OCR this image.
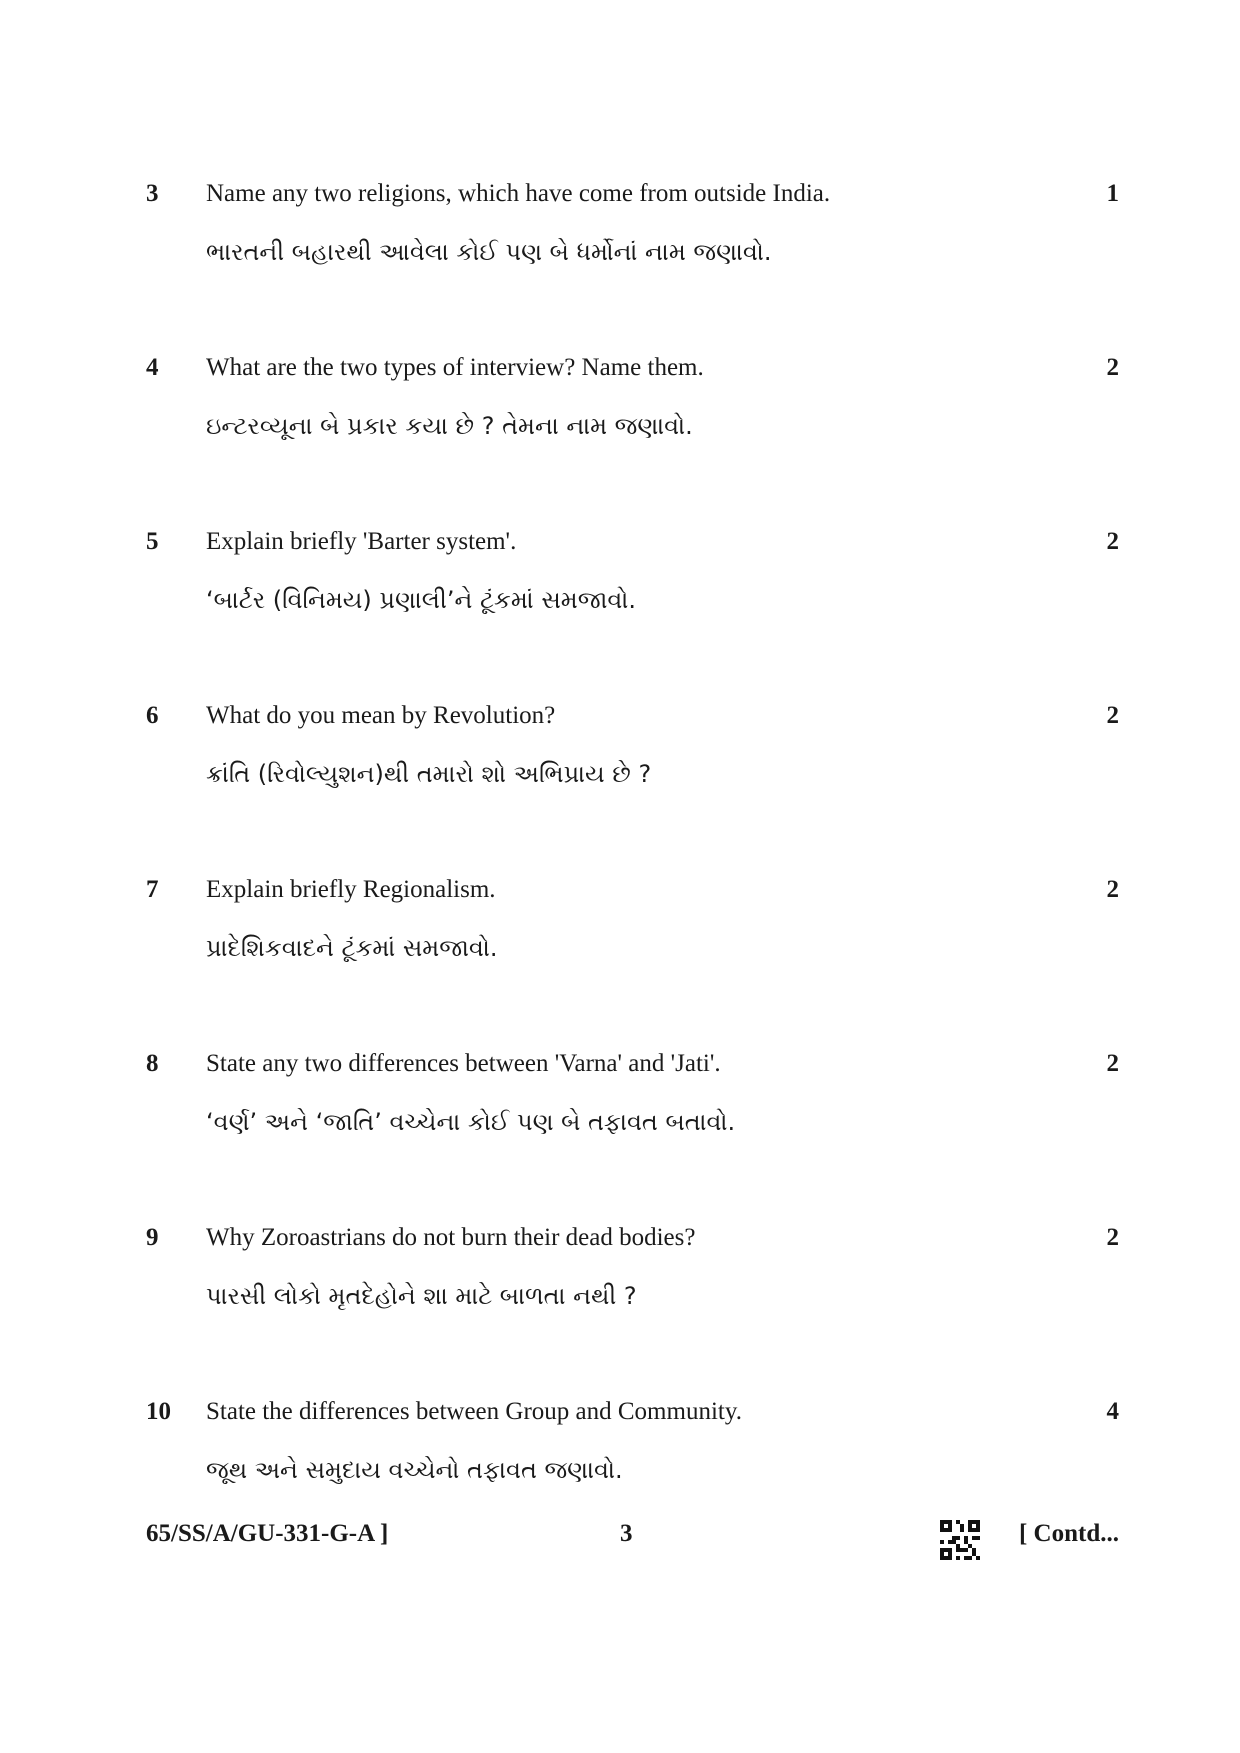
3 Name any two religions, which have come from outside India.
ભારતની બહારથી આવેલા કોઈ પણ બે ધર્મોનાં નામ જણાવો.
1
4 What are the two types of interview? Name them.
ઇન્ટરવ્યૂના બે પ્રકાર કયા છે ? તેમના નામ જણાવો.
2
5 Explain briefly 'Barter system'.
‘બાર્ટર (વિનિમય) પ્રણાલી’ને ટૂંકમાં સમજાવો.
2
6 What do you mean by Revolution?
ક્રાંતિ (રિવોલ્યુશન)થી તમારો શો અભિપ્રાય છે ?
2
7 Explain briefly Regionalism.
પ્રાદેશિકવાદને ટૂંકમાં સમજાવો.
2
8 State any two differences between 'Varna' and 'Jati'.
‘વર્ણ’ અને ‘જાતિ’ વચ્ચેના કોઈ પણ બે તફાવત બતાવો.
2
9 Why Zoroastrians do not burn their dead bodies?
પારસી લોકો મૃતદેહોને શા માટે બાળતા નથી ?
2
10 State the differences between Group and Community.
જૂથ અને સમુદાય વચ્ચેનો તફાવત જણાવો.
4
65/SS/A/GU-331-G-A ]	3	[ Contd...
